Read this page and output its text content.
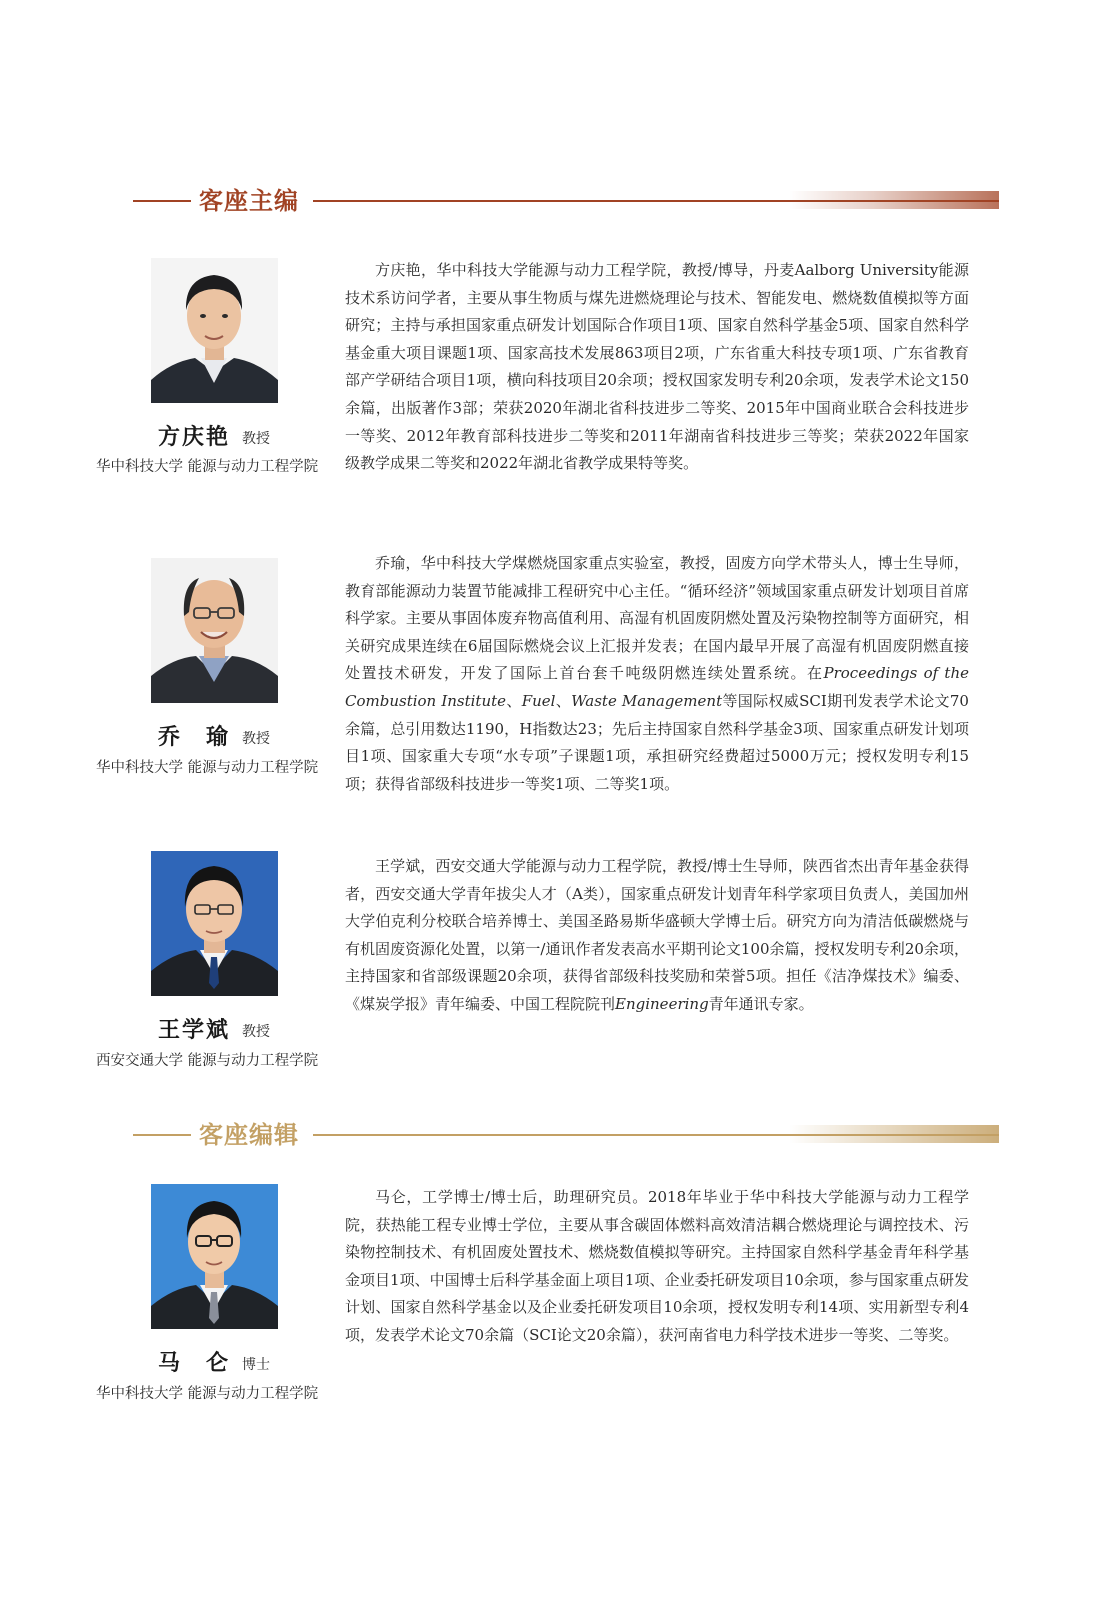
客座主编
方庆艳 教授
华中科技大学 能源与动力工程学院

方庆艳，华中科技大学能源与动力工程学院，教授/博导，丹麦Aalborg University能源技术系访问学者，主要从事生物质与煤先进燃烧理论与技术、智能发电、燃烧数值模拟等方面研究；主持与承担国家重点研发计划国际合作项目1项、国家自然科学基金5项、国家自然科学基金重大项目课题1项、国家高技术发展863项目2项，广东省重大科技专项1项、广东省教育部产学研结合项目1项，横向科技项目20余项；授权国家发明专利20余项，发表学术论文150余篇，出版著作3部；荣获2020年湖北省科技进步二等奖、2015年中国商业联合会科技进步一等奖、2012年教育部科技进步二等奖和2011年湖南省科技进步三等奖；荣获2022年国家级教学成果二等奖和2022年湖北省教学成果特等奖。

乔　瑜 教授
华中科技大学 能源与动力工程学院

乔瑜，华中科技大学煤燃烧国家重点实验室，教授，固废方向学术带头人，博士生导师，教育部能源动力装置节能减排工程研究中心主任。“循环经济”领域国家重点研发计划项目首席科学家。主要从事固体废弃物高值利用、高湿有机固废阴燃处置及污染物控制等方面研究，相关研究成果连续在6届国际燃烧会议上汇报并发表；在国内最早开展了高湿有机固废阴燃直接处置技术研发，开发了国际上首台套千吨级阴燃连续处置系统。在Proceedings of the Combustion Institute、Fuel、Waste Management等国际权威SCI期刊发表学术论文70余篇，总引用数达1190，H指数达23；先后主持国家自然科学基金3项、国家重点研发计划项目1项、国家重大专项“水专项”子课题1项，承担研究经费超过5000万元；授权发明专利15项；获得省部级科技进步一等奖1项、二等奖1项。

王学斌 教授
西安交通大学 能源与动力工程学院

王学斌，西安交通大学能源与动力工程学院，教授/博士生导师，陕西省杰出青年基金获得者，西安交通大学青年拔尖人才（A类），国家重点研发计划青年科学家项目负责人，美国加州大学伯克利分校联合培养博士、美国圣路易斯华盛顿大学博士后。研究方向为清洁低碳燃烧与有机固废资源化处置，以第一/通讯作者发表高水平期刊论文100余篇，授权发明专利20余项，主持国家和省部级课题20余项，获得省部级科技奖励和荣誉5项。担任《洁净煤技术》编委、《煤炭学报》青年编委、中国工程院院刊Engineering青年通讯专家。

客座编辑
马　仑 博士
华中科技大学 能源与动力工程学院

马仑，工学博士/博士后，助理研究员。2018年毕业于华中科技大学能源与动力工程学院，获热能工程专业博士学位，主要从事含碳固体燃料高效清洁耦合燃烧理论与调控技术、污染物控制技术、有机固废处置技术、燃烧数值模拟等研究。主持国家自然科学基金青年科学基金项目1项、中国博士后科学基金面上项目1项、企业委托研发项目10余项，参与国家重点研发计划、国家自然科学基金以及企业委托研发项目10余项，授权发明专利14项、实用新型专利4项，发表学术论文70余篇（SCI论文20余篇），获河南省电力科学技术进步一等奖、二等奖。
